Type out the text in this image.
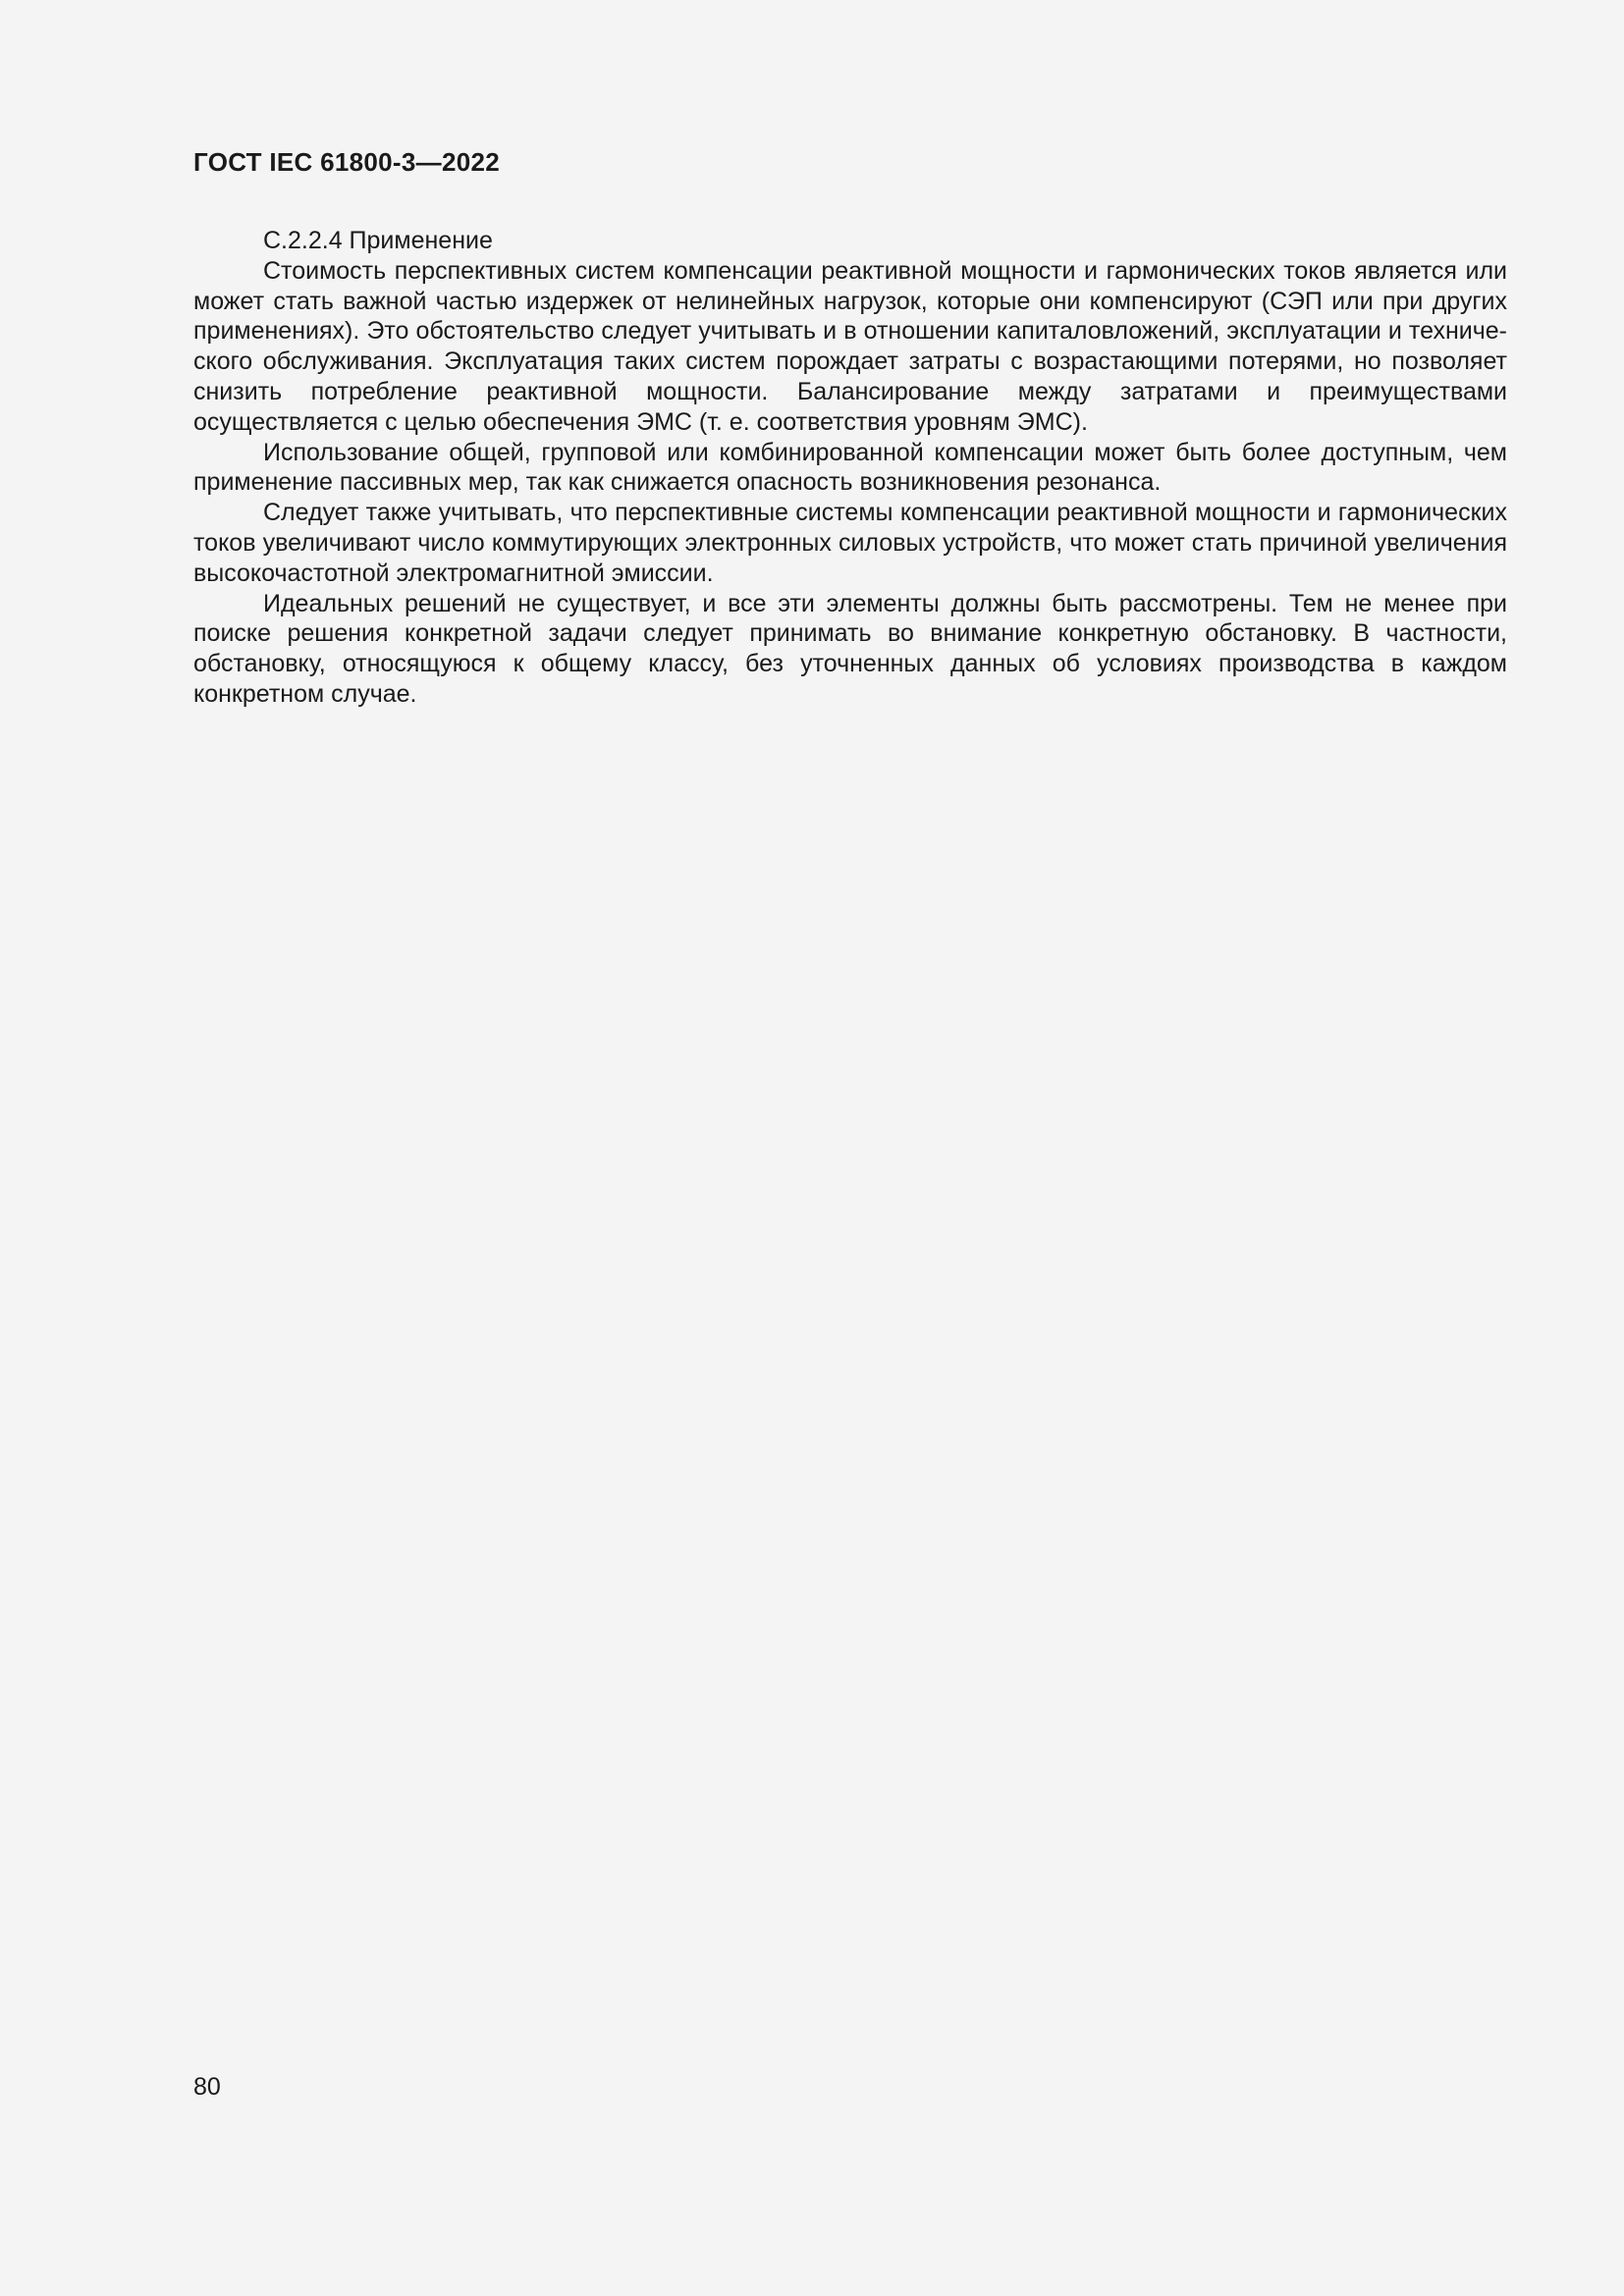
ГОСТ IEC 61800-3—2022

С.2.2.4 Применение

Стоимость перспективных систем компенсации реактивной мощности и гармонических токов является или может стать важной частью издержек от нелинейных нагрузок, которые они компенсируют (СЭП или при других применениях). Это обстоятельство следует учитывать и в отношении капиталовложений, эксплуатации и технического обслуживания. Эксплуатация таких систем порождает затраты с возрастающими потерями, но позволяет снизить потребление реактивной мощности. Балансирование между затратами и преимуществами осуществляется с целью обеспечения ЭМС (т. е. соответствия уровням ЭМС).

Использование общей, групповой или комбинированной компенсации может быть более доступным, чем применение пассивных мер, так как снижается опасность возникновения резонанса.

Следует также учитывать, что перспективные системы компенсации реактивной мощности и гармонических токов увеличивают число коммутирующих электронных силовых устройств, что может стать причиной увеличения высокочастотной электромагнитной эмиссии.

Идеальных решений не существует, и все эти элементы должны быть рассмотрены. Тем не менее при поиске решения конкретной задачи следует принимать во внимание конкретную обстановку. В частности, обстановку, относящуюся к общему классу, без уточненных данных об условиях производства в каждом конкретном случае.

80
